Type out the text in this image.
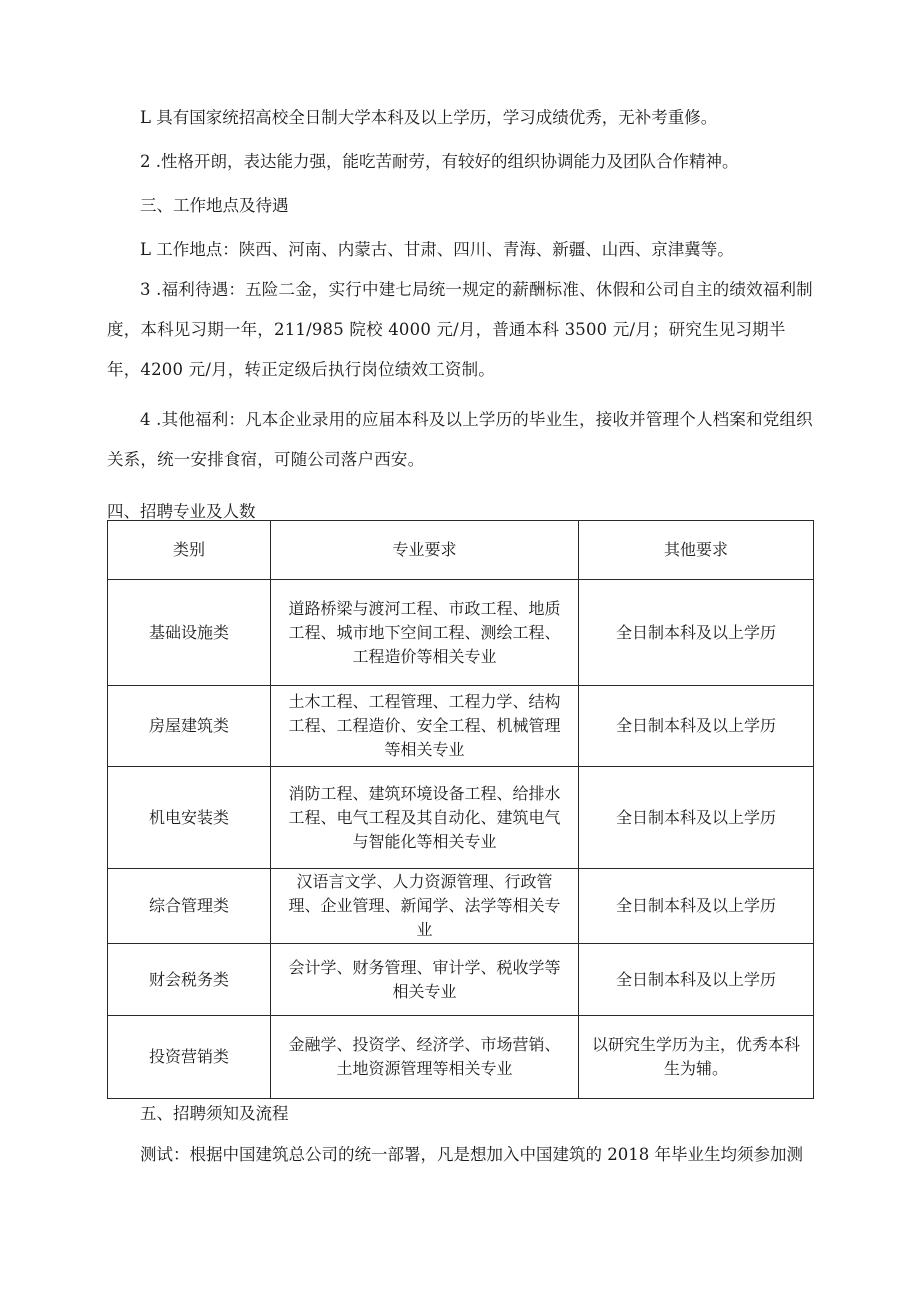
L 具有国家统招高校全日制大学本科及以上学历，学习成绩优秀，无补考重修。

2 .性格开朗，表达能力强，能吃苦耐劳，有较好的组织协调能力及团队合作精神。

三、工作地点及待遇

L 工作地点：陕西、河南、内蒙古、甘肃、四川、青海、新疆、山西、京津冀等。

3 .福利待遇：五险二金，实行中建七局统一规定的薪酬标准、休假和公司自主的绩效福利制度，本科见习期一年，211/985 院校 4000 元/月，普通本科 3500 元/月；研究生见习期半年，4200 元/月，转正定级后执行岗位绩效工资制。

4 .其他福利：凡本企业录用的应届本科及以上学历的毕业生，接收并管理个人档案和党组织关系，统一安排食宿，可随公司落户西安。

四、招聘专业及人数

类别	专业要求	其他要求
基础设施类	道路桥梁与渡河工程、市政工程、地质工程、城市地下空间工程、测绘工程、工程造价等相关专业	全日制本科及以上学历
房屋建筑类	土木工程、工程管理、工程力学、结构工程、工程造价、安全工程、机械管理等相关专业	全日制本科及以上学历
机电安装类	消防工程、建筑环境设备工程、给排水工程、电气工程及其自动化、建筑电气与智能化等相关专业	全日制本科及以上学历
综合管理类	汉语言文学、人力资源管理、行政管理、企业管理、新闻学、法学等相关专业	全日制本科及以上学历
财会税务类	会计学、财务管理、审计学、税收学等相关专业	全日制本科及以上学历
投资营销类	金融学、投资学、经济学、市场营销、土地资源管理等相关专业	以研究生学历为主，优秀本科生为辅。

五、招聘须知及流程

测试：根据中国建筑总公司的统一部署，凡是想加入中国建筑的 2018 年毕业生均须参加测
